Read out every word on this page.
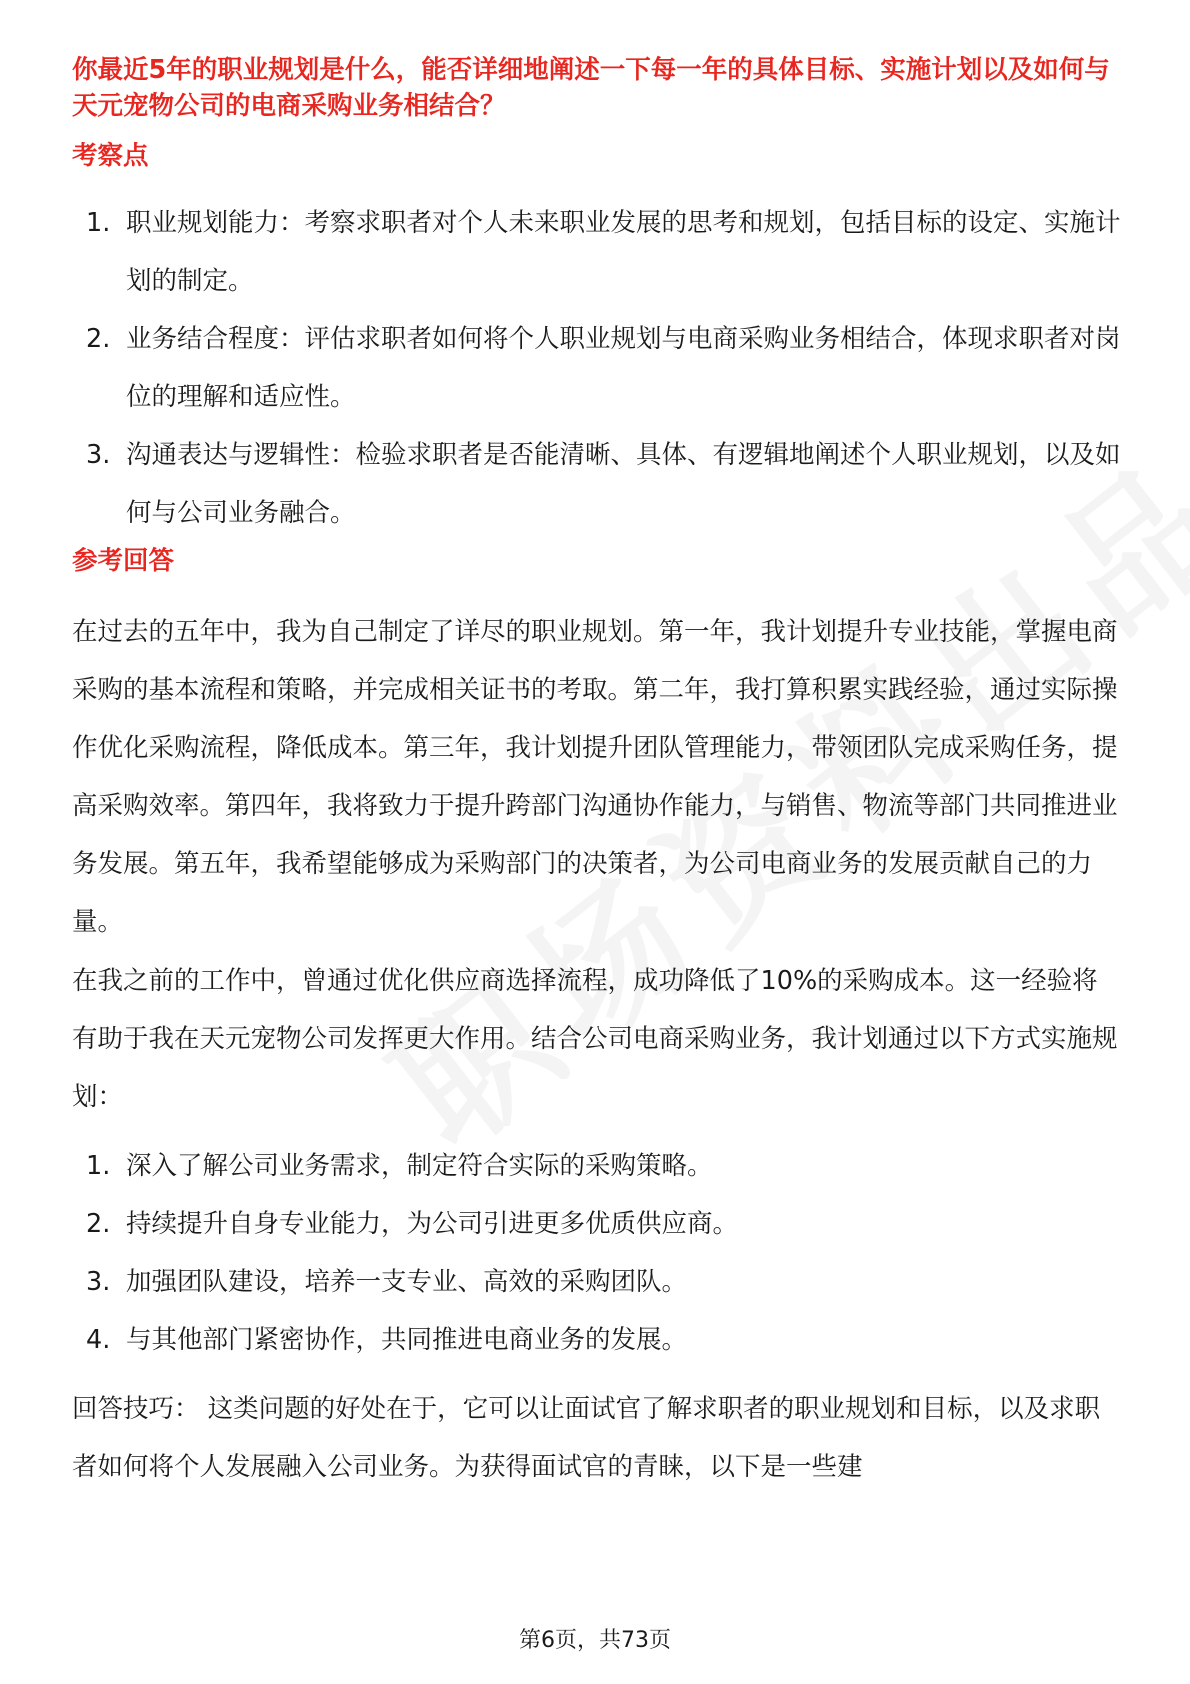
你最近5年的职业规划是什么，能否详细地阐述一下每一年的具体目标、实施计划以及如何与天元宠物公司的电商采购业务相结合？

考察点

1. 职业规划能力：考察求职者对个人未来职业发展的思考和规划，包括目标的设定、实施计划的制定。
2. 业务结合程度：评估求职者如何将个人职业规划与电商采购业务相结合，体现求职者对岗位的理解和适应性。
3. 沟通表达与逻辑性：检验求职者是否能清晰、具体、有逻辑地阐述个人职业规划，以及如何与公司业务融合。

参考回答

在过去的五年中，我为自己制定了详尽的职业规划。第一年，我计划提升专业技能，掌握电商采购的基本流程和策略，并完成相关证书的考取。第二年，我打算积累实践经验，通过实际操作优化采购流程，降低成本。第三年，我计划提升团队管理能力，带领团队完成采购任务，提高采购效率。第四年，我将致力于提升跨部门沟通协作能力，与销售、物流等部门共同推进业务发展。第五年，我希望能够成为采购部门的决策者，为公司电商业务的发展贡献自己的力量。

在我之前的工作中，曾通过优化供应商选择流程，成功降低了10%的采购成本。这一经验将有助于我在天元宠物公司发挥更大作用。结合公司电商采购业务，我计划通过以下方式实施规划：

1. 深入了解公司业务需求，制定符合实际的采购策略。
2. 持续提升自身专业能力，为公司引进更多优质供应商。
3. 加强团队建设，培养一支专业、高效的采购团队。
4. 与其他部门紧密协作，共同推进电商业务的发展。

回答技巧： 这类问题的好处在于，它可以让面试官了解求职者的职业规划和目标，以及求职者如何将个人发展融入公司业务。为获得面试官的青睐，以下是一些建

第6页，共73页
